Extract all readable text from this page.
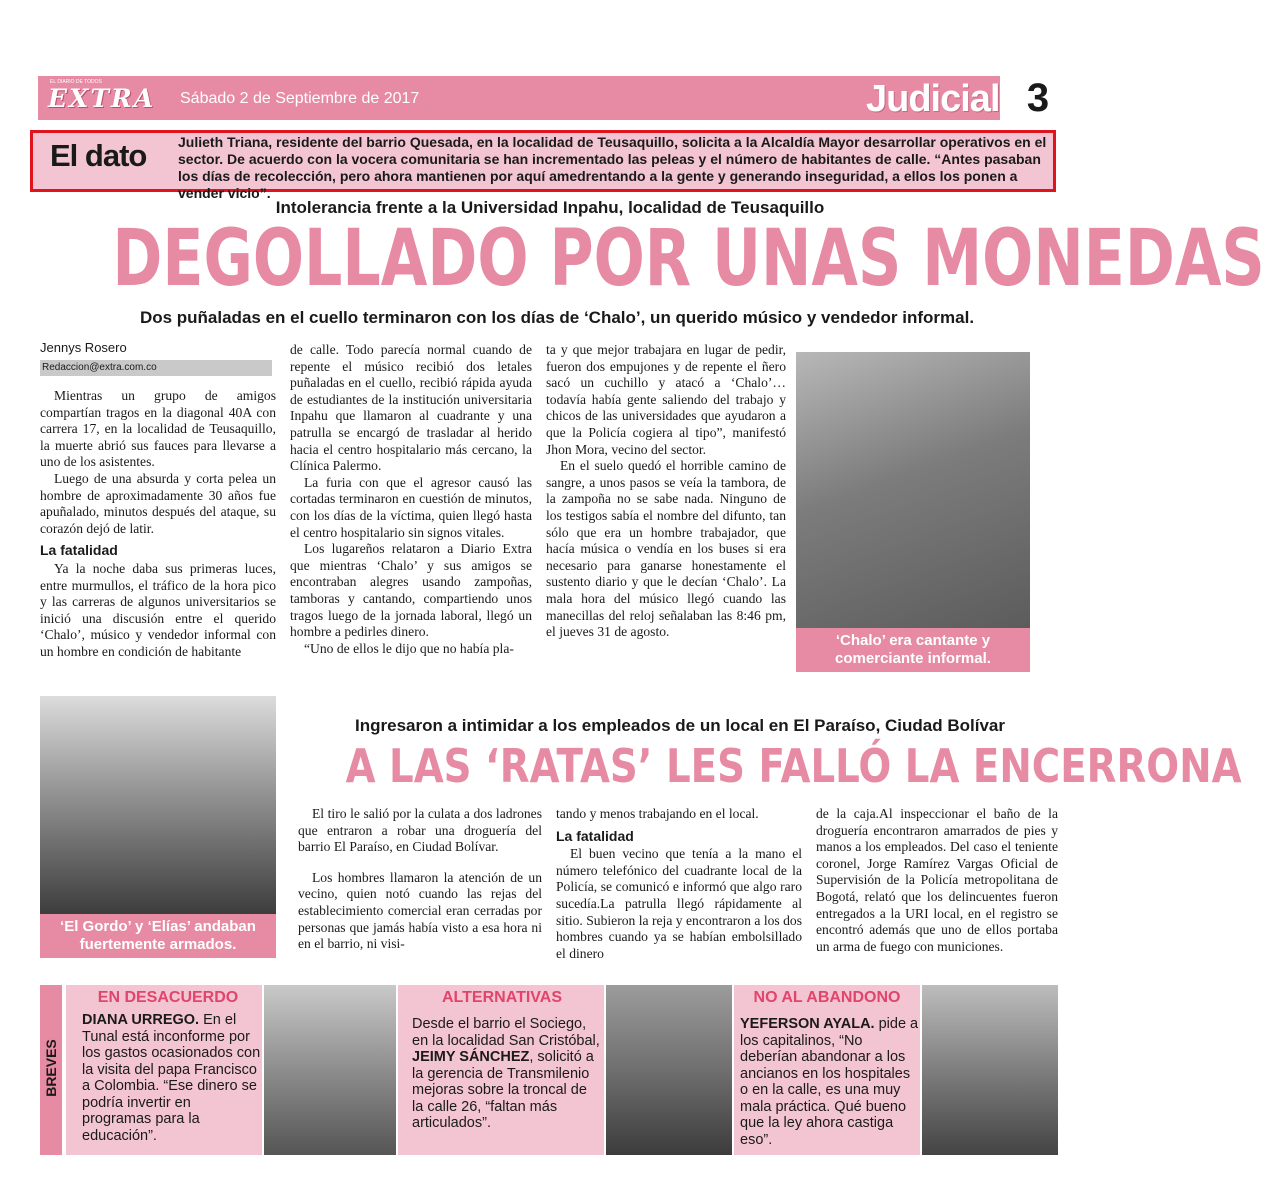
EL DIARIO DE TODOS
EXTRA Sábado 2 de Septiembre de 2017	Judicial 3
El dato Julieth Triana, residente del barrio Quesada, en la localidad de Teusaquillo, solicita a la Alcaldía Mayor desarrollar operativos en el sector. De acuerdo con la vocera comunitaria se han incrementado las peleas y el número de habitantes de calle. “Antes pasaban los días de recolección, pero ahora mantienen por aquí amedrentando a la gente y generando inseguridad, a ellos los ponen a vender vicio”.
Intolerancia frente a la Universidad Inpahu, localidad de Teusaquillo
DEGOLLADO POR UNAS MONEDAS
Dos puñaladas en el cuello terminaron con los días de ‘Chalo’, un querido músico y vendedor informal.
Jennys Rosero
Redaccion@extra.com.co

Mientras un grupo de amigos compartían tragos en la diagonal 40A con carrera 17, en la localidad de Teusaquillo, la muerte abrió sus fauces para llevarse a uno de los asistentes.

Luego de una absurda y corta pelea un hombre de aproximadamente 30 años fue apuñalado, minutos después del ataque, su corazón dejó de latir.

La fatalidad

Ya la noche daba sus primeras luces, entre murmullos, el tráfico de la hora pico y las carreras de algunos universitarios se inició una discusión entre el querido ‘Chalo’, músico y vendedor informal con un hombre en condición de habitante

de calle. Todo parecía normal cuando de repente el músico recibió dos letales puñaladas en el cuello, recibió rápida ayuda de estudiantes de la institución universitaria Inpahu que llamaron al cuadrante y una patrulla se encargó de trasladar al herido hacia el centro hospitalario más cercano, la Clínica Palermo.

La furia con que el agresor causó las cortadas terminaron en cuestión de minutos, con los días de la víctima, quien llegó hasta el centro hospitalario sin signos vitales.

Los lugareños relataron a Diario Extra que mientras ‘Chalo’ y sus amigos se encontraban alegres usando zampoñas, tamboras y cantando, compartiendo unos tragos luego de la jornada laboral, llegó un hombre a pedirles dinero.

“Uno de ellos le dijo que no había pla-

ta y que mejor trabajara en lugar de pedir, fueron dos empujones y de repente el ñero sacó un cuchillo y atacó a ‘Chalo’… todavía había gente saliendo del trabajo y chicos de las universidades que ayudaron a que la Policía cogiera al tipo”, manifestó Jhon Mora, vecino del sector.

En el suelo quedó el horrible camino de sangre, a unos pasos se veía la tambora, de la zampoña no se sabe nada. Ninguno de los testigos sabía el nombre del difunto, tan sólo que era un hombre trabajador, que hacía música o vendía en los buses si era necesario para ganarse honestamente el sustento diario y que le decían ‘Chalo’. La mala hora del músico llegó cuando las manecillas del reloj señalaban las 8:46 pm, el jueves 31 de agosto.

‘Chalo’ era cantante y comerciante informal.
‘El Gordo’ y ‘Elías’ andaban fuertemente armados.
Ingresaron a intimidar a los empleados de un local en El Paraíso, Ciudad Bolívar
A LAS ‘RATAS’ LES FALLÓ LA ENCERRONA

El tiro le salió por la culata a dos ladrones que entraron a robar una droguería del barrio El Paraíso, en Ciudad Bolívar.

Los hombres llamaron la atención de un vecino, quien notó cuando las rejas del establecimiento comercial eran cerradas por personas que jamás había visto a esa hora ni en el barrio, ni visi-

tando y menos trabajando en el local.

La fatalidad

El buen vecino que tenía a la mano el número telefónico del cuadrante local de la Policía, se comunicó e informó que algo raro sucedía.La patrulla llegó rápidamente al sitio. Subieron la reja y encontraron a los dos hombres cuando ya se habían embolsillado el dinero

de la caja.Al inspeccionar el baño de la droguería encontraron amarrados de pies y manos a los empleados. Del caso el teniente coronel, Jorge Ramírez Vargas Oficial de Supervisión de la Policía metropolitana de Bogotá, relató que los delincuentes fueron entregados a la URI local, en el registro se encontró además que uno de ellos portaba un arma de fuego con municiones.

BREVES
EN DESACUERDO
DIANA URREGO. En el Tunal está inconforme por los gastos ocasionados con la visita del papa Francisco a Colombia. “Ese dinero se podría invertir en programas para la educación”.
ALTERNATIVAS
Desde el barrio el Sociego, en la localidad San Cristóbal, JEIMY SÁNCHEZ, solicitó a la gerencia de Transmilenio mejoras sobre la troncal de la calle 26, “faltan más articulados”.
NO AL ABANDONO
YEFERSON AYALA. pide a los capitalinos, “No deberían abandonar a los ancianos en los hospitales o en la calle, es una muy mala práctica. Qué bueno que la ley ahora castiga eso”.
